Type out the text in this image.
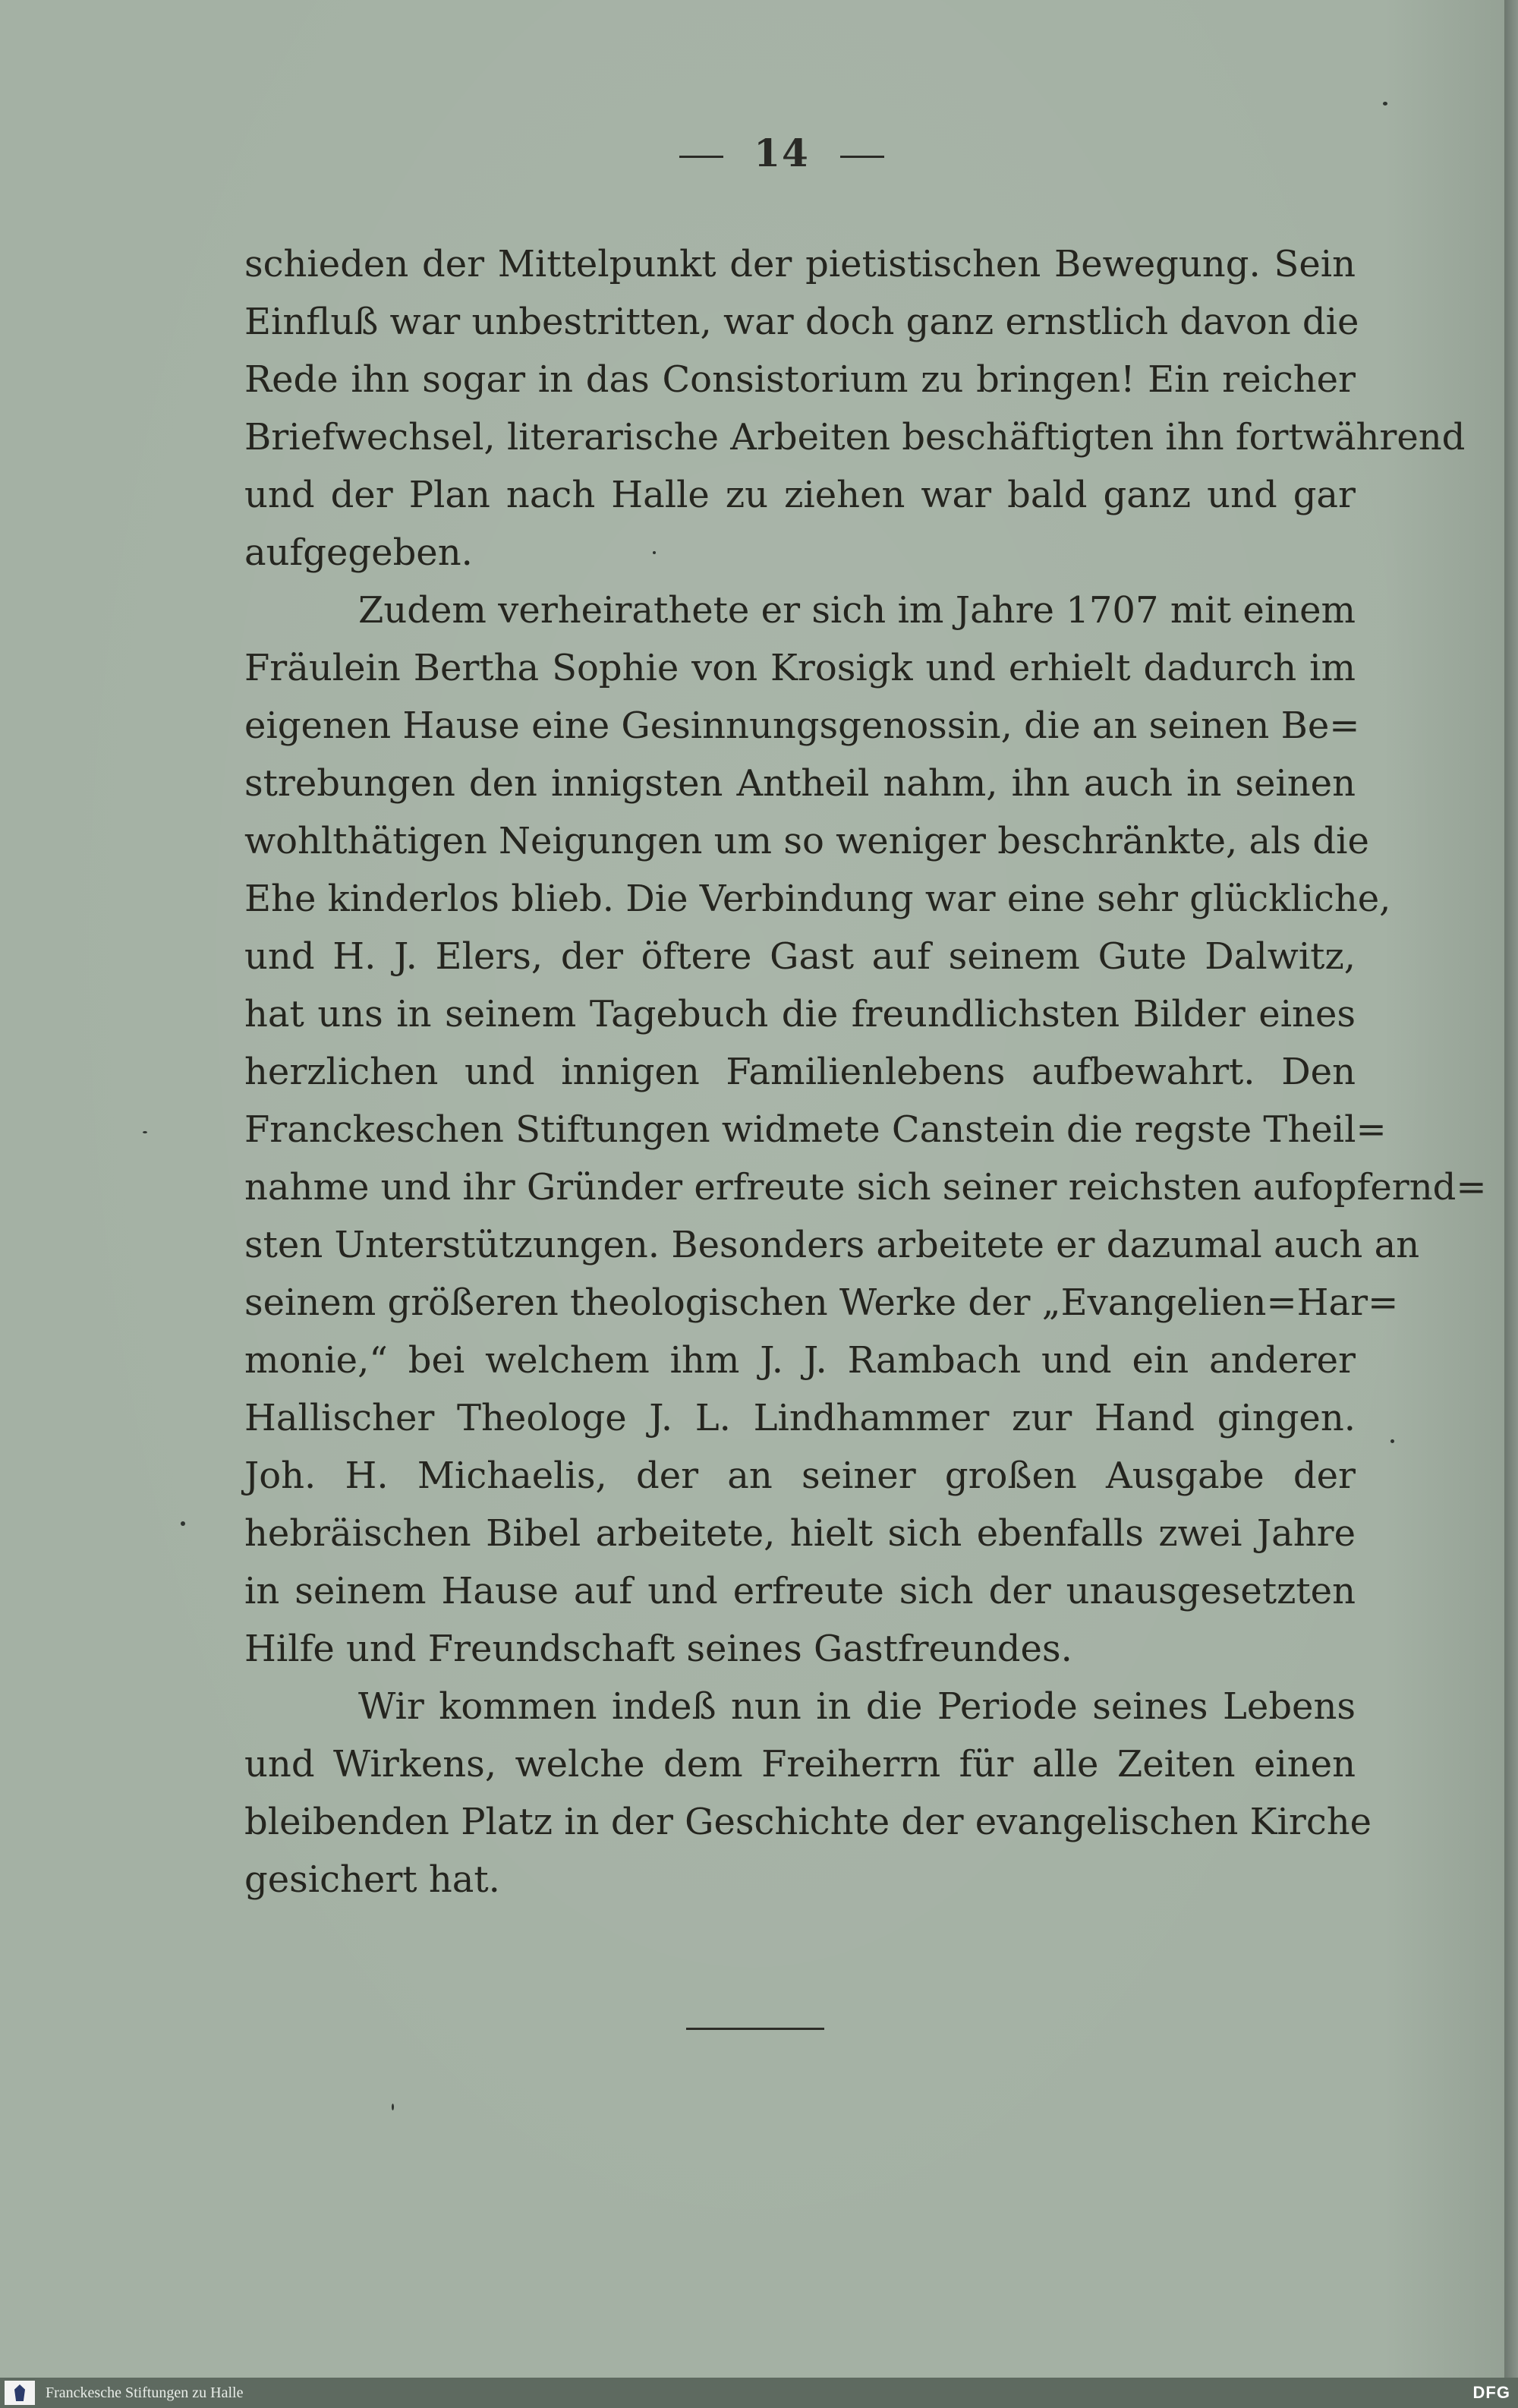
14
schieden der Mittelpunkt der pietistischen Bewegung. Sein
Einfluß war unbestritten, war doch ganz ernstlich davon die
Rede ihn sogar in das Consistorium zu bringen! Ein reicher
Briefwechsel, literarische Arbeiten beschäftigten ihn fortwährend
und der Plan nach Halle zu ziehen war bald ganz und gar
aufgegeben.
Zudem verheirathete er sich im Jahre 1707 mit einem
Fräulein Bertha Sophie von Krosigk und erhielt dadurch im
eigenen Hause eine Gesinnungsgenossin, die an seinen Be=
strebungen den innigsten Antheil nahm, ihn auch in seinen
wohlthätigen Neigungen um so weniger beschränkte, als die
Ehe kinderlos blieb. Die Verbindung war eine sehr glückliche,
und H. J. Elers, der öftere Gast auf seinem Gute Dalwitz,
hat uns in seinem Tagebuch die freundlichsten Bilder eines
herzlichen und innigen Familienlebens aufbewahrt. Den
Franckeschen Stiftungen widmete Canstein die regste Theil=
nahme und ihr Gründer erfreute sich seiner reichsten aufopfernd=
sten Unterstützungen. Besonders arbeitete er dazumal auch an
seinem größeren theologischen Werke der „Evangelien=Har=
monie,“ bei welchem ihm J. J. Rambach und ein anderer
Hallischer Theologe J. L. Lindhammer zur Hand gingen.
Joh. H. Michaelis, der an seiner großen Ausgabe der
hebräischen Bibel arbeitete, hielt sich ebenfalls zwei Jahre
in seinem Hause auf und erfreute sich der unausgesetzten
Hilfe und Freundschaft seines Gastfreundes.
Wir kommen indeß nun in die Periode seines Lebens
und Wirkens, welche dem Freiherrn für alle Zeiten einen
bleibenden Platz in der Geschichte der evangelischen Kirche
gesichert hat.
Franckesche Stiftungen zu Halle	DFG
